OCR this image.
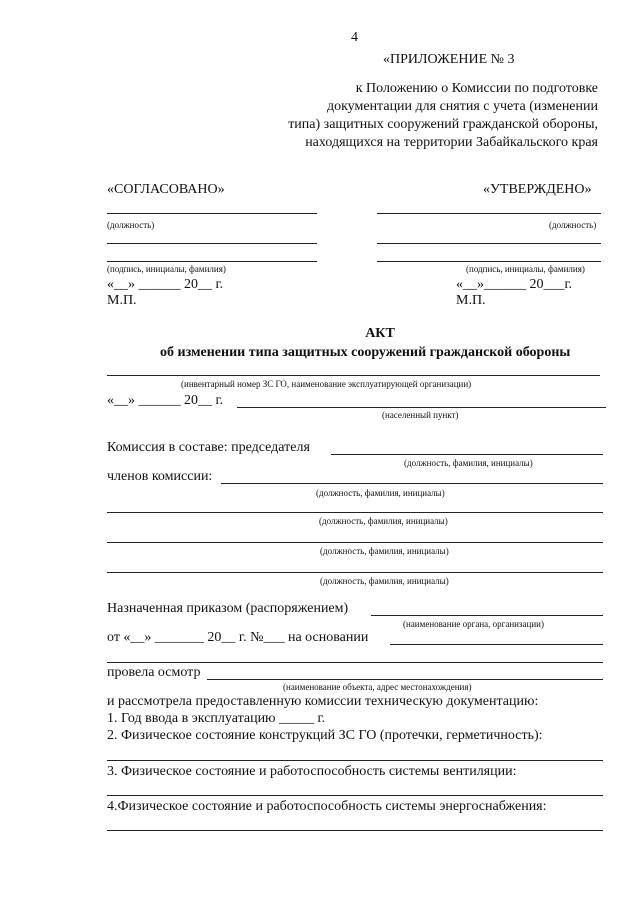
4
«ПРИЛОЖЕНИЕ № 3
к Положению о Комиссии по подготовке
документации для снятия с учета (изменении
типа) защитных сооружений гражданской обороны,
находящихся на территории Забайкальского края
«СОГЛАСОВАНО»
(должность)
(подпись, инициалы, фамилия)
«__» ______ 20__ г.
М.П.
«УТВЕРЖДЕНО»
(должность)
(подпись, инициалы, фамилия)
«__»______ 20___г.
М.П.
АКТ
об изменении типа защитных сооружений гражданской обороны
(инвентарный номер ЗС ГО, наименование эксплуатирующей организации)
«__» ______ 20__ г.
(населенный пункт)
Комиссия в составе: председателя
(должность, фамилия, инициалы)
членов комиссии:
(должность, фамилия, инициалы)
(должность, фамилия, инициалы)
(должность, фамилия, инициалы)
(должность, фамилия, инициалы)
Назначенная приказом (распоряжением)
(наименование органа, организации)
от «__» _______ 20__ г. №___ на основании
провела осмотр
(наименование объекта, адрес местонахождения)
и рассмотрела предоставленную комиссии техническую документацию:
1. Год ввода в эксплуатацию _____ г.
2. Физическое состояние конструкций ЗС ГО (протечки, герметичность):
3. Физическое состояние и работоспособность системы вентиляции:
4.Физическое состояние и работоспособность системы энергоснабжения:
